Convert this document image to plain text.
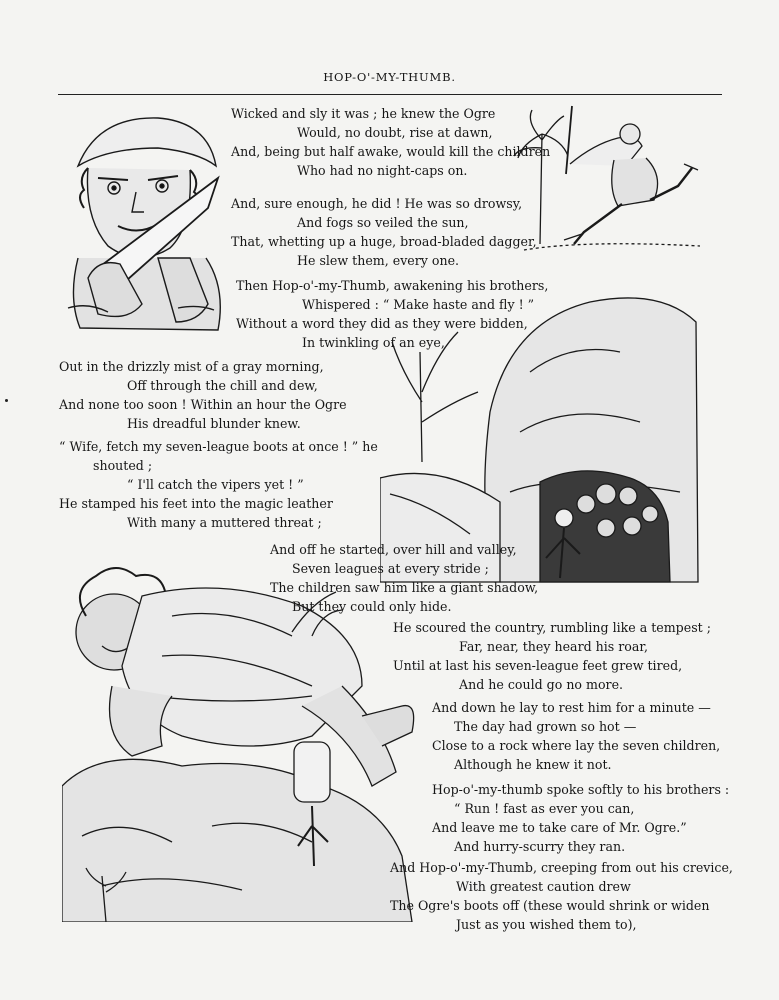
HOP-O'-MY-THUMB.

Wicked and sly it was ; he knew the Ogre
Would, no doubt, rise at dawn,
And, being but half awake, would kill the children
Who had no night-caps on.

And, sure enough, he did ! He was so drowsy,
And fogs so veiled the sun,
That, whetting up a huge, broad-bladed dagger,
He slew them, every one.

Then Hop-o'-my-Thumb, awakening his brothers,
Whispered : “ Make haste and fly ! ”
Without a word they did as they were bidden,
In twinkling of an eye,

Out in the drizzly mist of a gray morning,
Off through the chill and dew,
And none too soon ! Within an hour the Ogre
His dreadful blunder knew.

“ Wife, fetch my seven-league boots at once ! ” he
shouted ;
“ I'll catch the vipers yet ! ”
He stamped his feet into the magic leather
With many a muttered threat ;

And off he started, over hill and valley,
Seven leagues at every stride ;
The children saw him like a giant shadow,
But they could only hide.

He scoured the country, rumbling like a tempest ;
Far, near, they heard his roar,
Until at last his seven-league feet grew tired,
And he could go no more.

And down he lay to rest him for a minute —
The day had grown so hot —
Close to a rock where lay the seven children,
Although he knew it not.

Hop-o'-my-thumb spoke softly to his brothers :
“ Run ! fast as ever you can,
And leave me to take care of Mr. Ogre.”
And hurry-scurry they ran.

And Hop-o'-my-Thumb, creeping from out his crevice,
With greatest caution drew
The Ogre's boots off (these would shrink or widen
Just as you wished them to),
